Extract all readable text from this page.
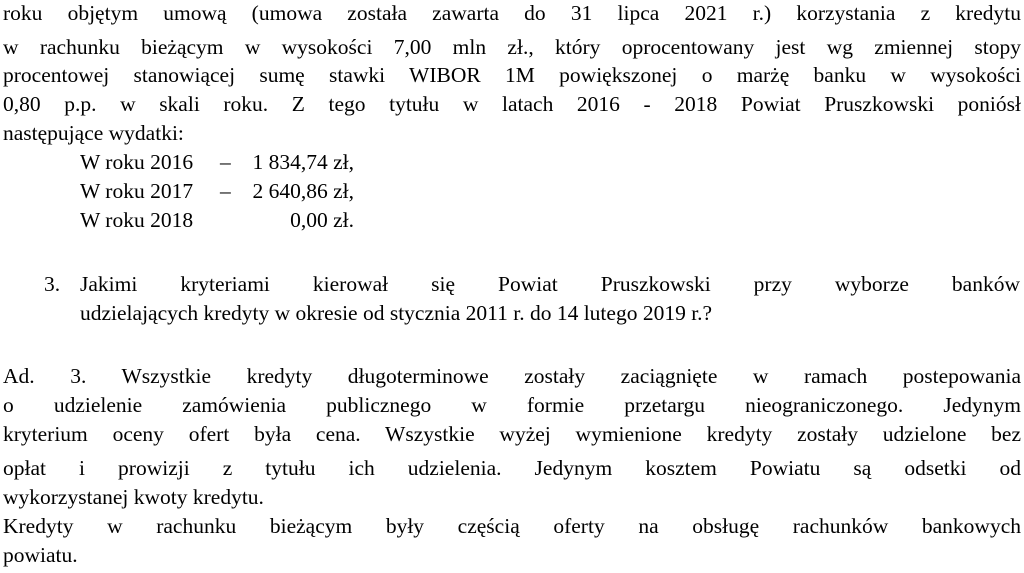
roku objętym umową (umowa została zawarta do 31 lipca 2021 r.) korzystania z kredytu
w rachunku bieżącym w wysokości 7,00 mln zł., który oprocentowany jest wg zmiennej stopy
procentowej stanowiącej sumę stawki WIBOR 1M powiększonej o marżę banku w wysokości
0,80 p.p. w skali roku. Z tego tytułu w latach 2016 - 2018 Powiat Pruszkowski poniósł
następujące wydatki:
W roku 2016 – 1 834,74 zł,
W roku 2017 – 2 640,86 zł,
W roku 2018	0,00 zł.
3. Jakimi kryteriami kierował się Powiat Pruszkowski przy wyborze banków
udzielających kredyty w okresie od stycznia 2011 r. do 14 lutego 2019 r.?
Ad. 3. Wszystkie kredyty długoterminowe zostały zaciągnięte w ramach postepowania
o udzielenie zamówienia publicznego w formie przetargu nieograniczonego. Jedynym
kryterium oceny ofert była cena. Wszystkie wyżej wymienione kredyty zostały udzielone bez
opłat i prowizji z tytułu ich udzielenia. Jedynym kosztem Powiatu są odsetki od
wykorzystanej kwoty kredytu.
Kredyty w rachunku bieżącym były częścią oferty na obsługę rachunków bankowych
powiatu.
